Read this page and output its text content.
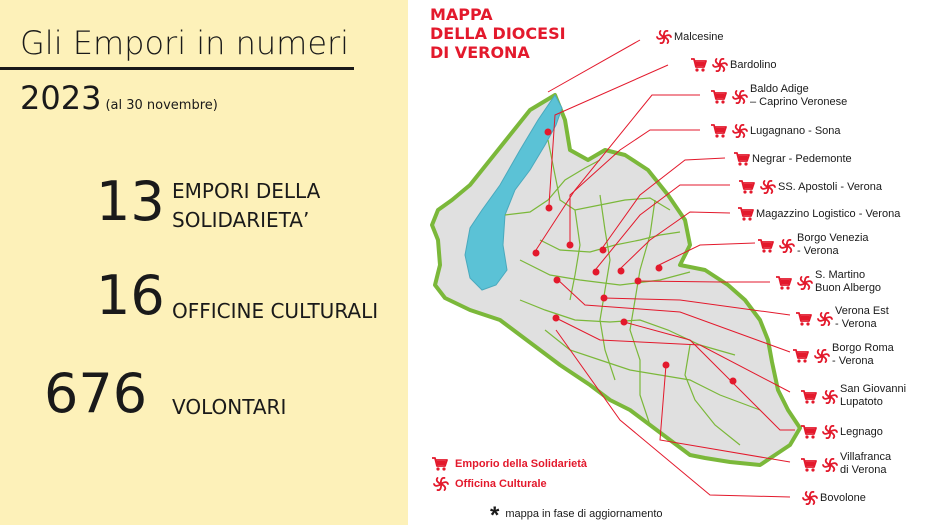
Gli Empori in numeri
2023 (al 30 novembre)
13 EMPORI DELLA
SOLIDARIETA’
16 OFFICINE CULTURALI
676 VOLONTARI
MAPPA
DELLA DIOCESI
DI VERONA
Malcesine
Bardolino
Baldo Adige
– Caprino Veronese
Lugagnano - Sona
Negrar - Pedemonte
SS. Apostoli - Verona
Magazzino Logistico - Verona
Borgo Venezia
- Verona
S. Martino
Buon Albergo
Verona Est
- Verona
Borgo Roma
- Verona
San Giovanni
Lupatoto
Legnago
Villafranca
di Verona
Bovolone
Emporio della Solidarietà
Officina Culturale
* mappa in fase di aggiornamento
